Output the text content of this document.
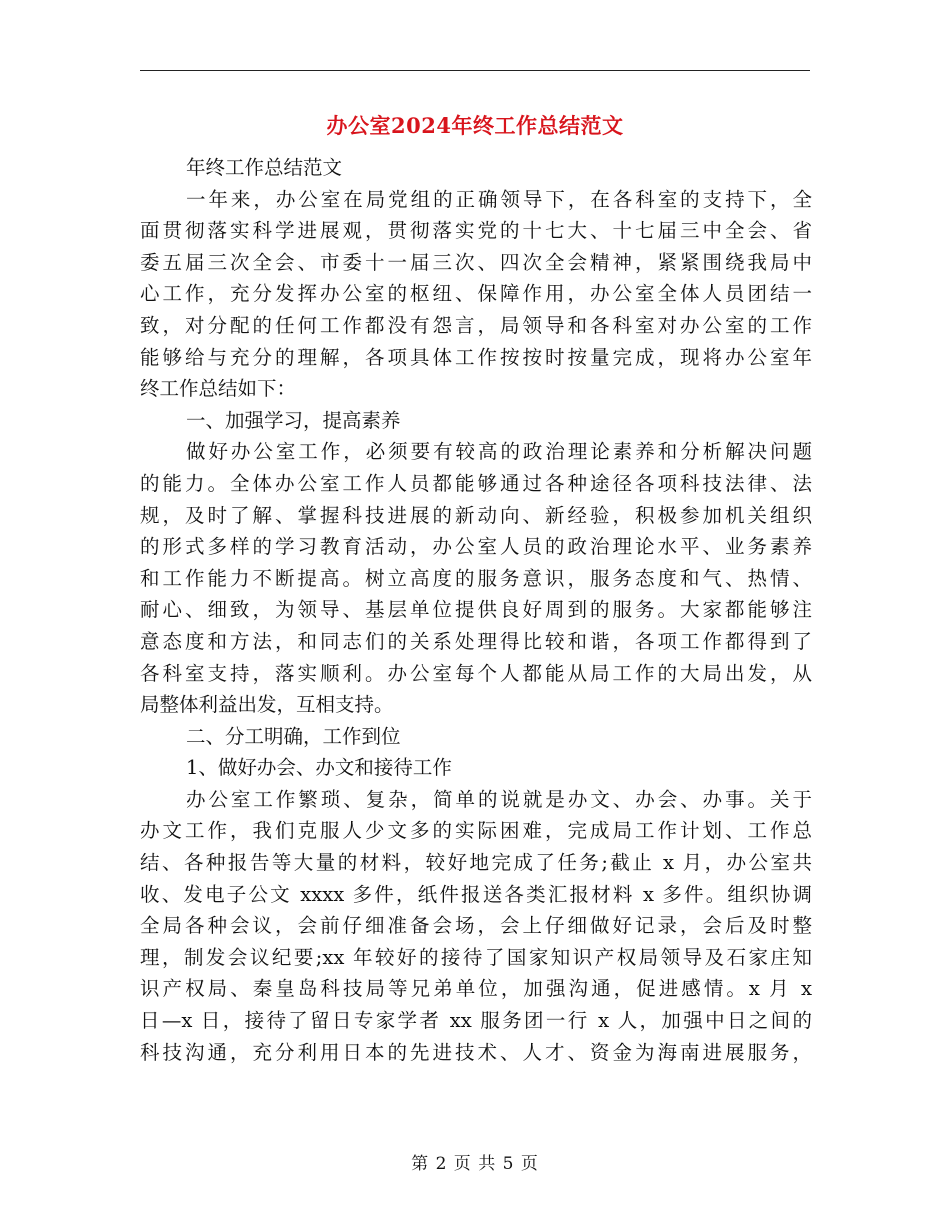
办公室2024年终工作总结范文
年终工作总结范文
一年来，办公室在局党组的正确领导下，在各科室的支持下，全
面贯彻落实科学进展观，贯彻落实党的十七大、十七届三中全会、省
委五届三次全会、市委十一届三次、四次全会精神，紧紧围绕我局中
心工作，充分发挥办公室的枢纽、保障作用，办公室全体人员团结一
致，对分配的任何工作都没有怨言，局领导和各科室对办公室的工作
能够给与充分的理解，各项具体工作按按时按量完成，现将办公室年
终工作总结如下：
一、加强学习，提高素养
做好办公室工作，必须要有较高的政治理论素养和分析解决问题
的能力。全体办公室工作人员都能够通过各种途径各项科技法律、法
规，及时了解、掌握科技进展的新动向、新经验，积极参加机关组织
的形式多样的学习教育活动，办公室人员的政治理论水平、业务素养
和工作能力不断提高。树立高度的服务意识，服务态度和气、热情、
耐心、细致，为领导、基层单位提供良好周到的服务。大家都能够注
意态度和方法，和同志们的关系处理得比较和谐，各项工作都得到了
各科室支持，落实顺利。办公室每个人都能从局工作的大局出发，从
局整体利益出发，互相支持。
二、分工明确，工作到位
1、做好办会、办文和接待工作
办公室工作繁琐、复杂，简单的说就是办文、办会、办事。关于
办文工作，我们克服人少文多的实际困难，完成局工作计划、工作总
结、各种报告等大量的材料，较好地完成了任务;截止 x 月，办公室共
收、发电子公文 xxxx 多件，纸件报送各类汇报材料 x 多件。组织协调
全局各种会议，会前仔细准备会场，会上仔细做好记录，会后及时整
理，制发会议纪要;xx 年较好的接待了国家知识产权局领导及石家庄知
识产权局、秦皇岛科技局等兄弟单位，加强沟通，促进感情。x 月 x
日—x 日，接待了留日专家学者 xx 服务团一行 x 人，加强中日之间的
科技沟通，充分利用日本的先进技术、人才、资金为海南进展服务，
第 2 页 共 5 页
